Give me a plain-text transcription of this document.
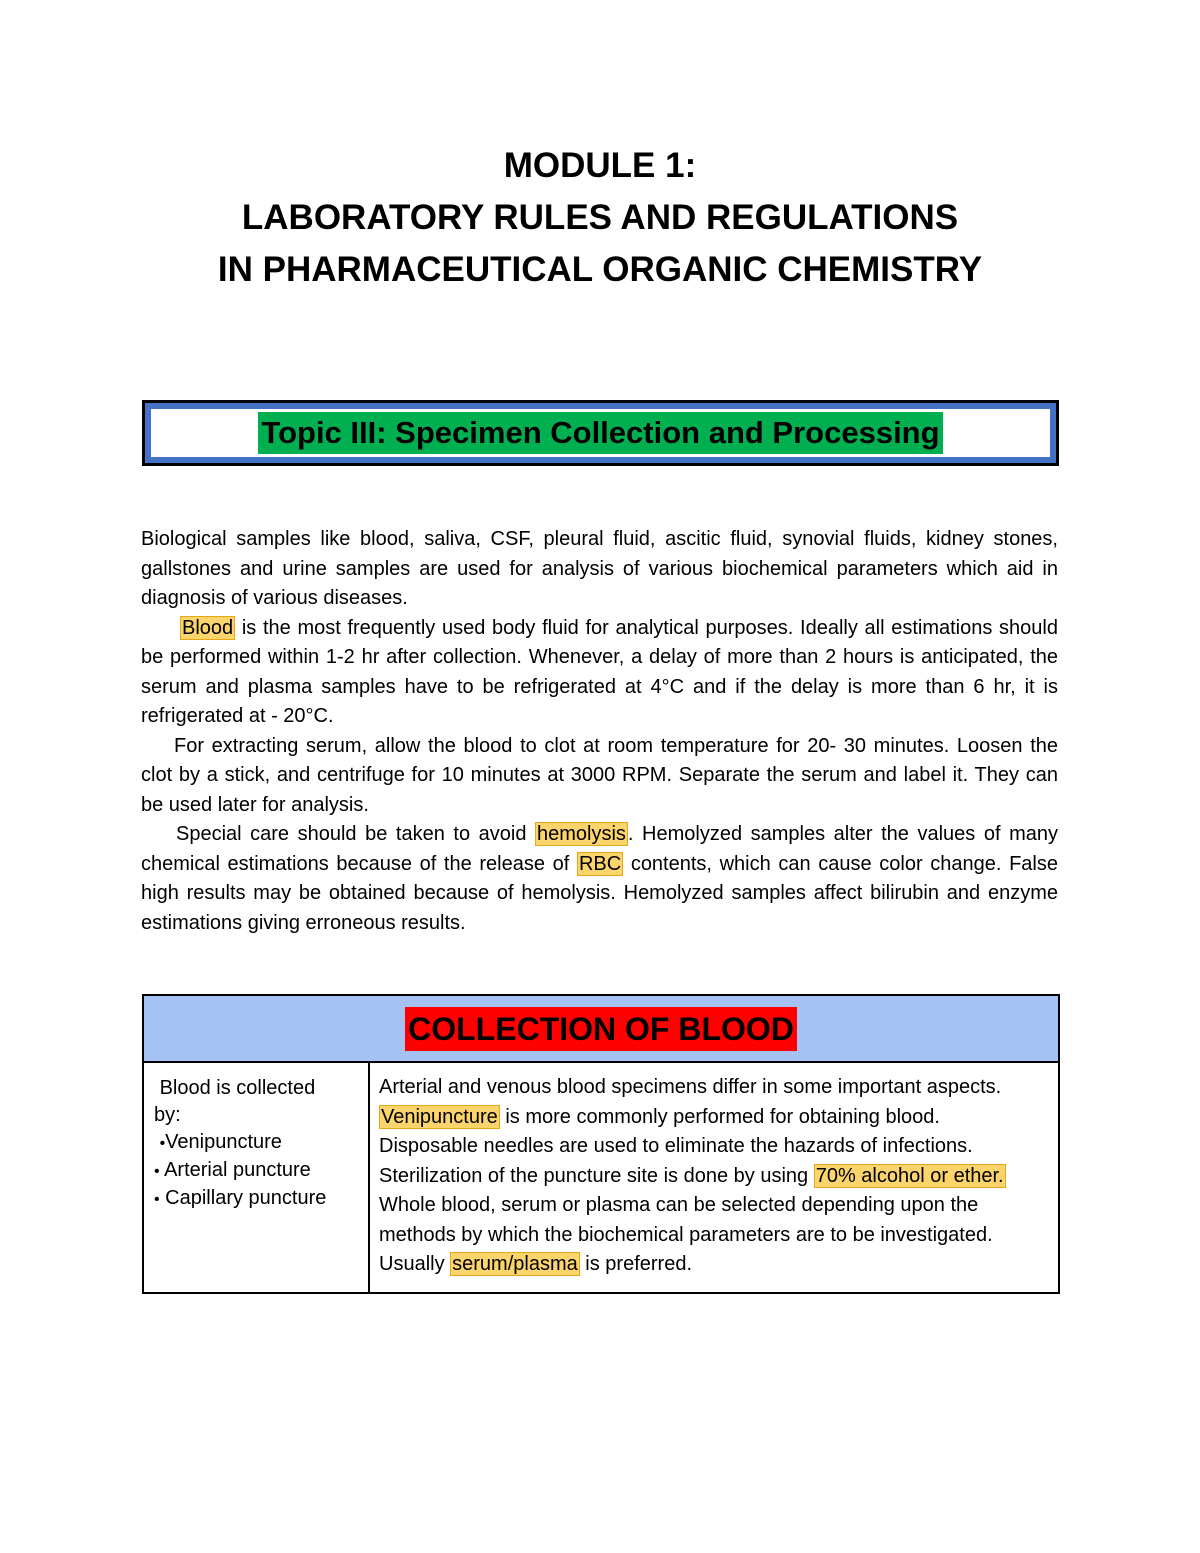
MODULE 1:
LABORATORY RULES AND REGULATIONS
IN PHARMACEUTICAL ORGANIC CHEMISTRY
Topic III: Specimen Collection and Processing

Biological samples like blood, saliva, CSF, pleural fluid, ascitic fluid, synovial fluids, kidney stones, gallstones and urine samples are used for analysis of various biochemical parameters which aid in diagnosis of various diseases.

Blood is the most frequently used body fluid for analytical purposes. Ideally all estimations should be performed within 1-2 hr after collection. Whenever, a delay of more than 2 hours is anticipated, the serum and plasma samples have to be refrigerated at 4°C and if the delay is more than 6 hr, it is refrigerated at - 20°C.

For extracting serum, allow the blood to clot at room temperature for 20- 30 minutes. Loosen the clot by a stick, and centrifuge for 10 minutes at 3000 RPM. Separate the serum and label it. They can be used later for analysis.

Special care should be taken to avoid hemolysis . Hemolyzed samples alter the values of many chemical estimations because of the release of RBC contents, which can cause color change. False high results may be obtained because of hemolysis. Hemolyzed samples affect bilirubin and enzyme estimations giving erroneous results.

COLLECTION OF BLOOD

Blood is collected
by:
•Venipuncture
• Arterial puncture
• Capillary puncture

Arterial and venous blood specimens differ in some important aspects.
Venipuncture is more commonly performed for obtaining blood.
Disposable needles are used to eliminate the hazards of infections.
Sterilization of the puncture site is done by using 70% alcohol or ether.
Whole blood, serum or plasma can be selected depending upon the methods by which the biochemical parameters are to be investigated.
Usually serum/plasma is preferred.
